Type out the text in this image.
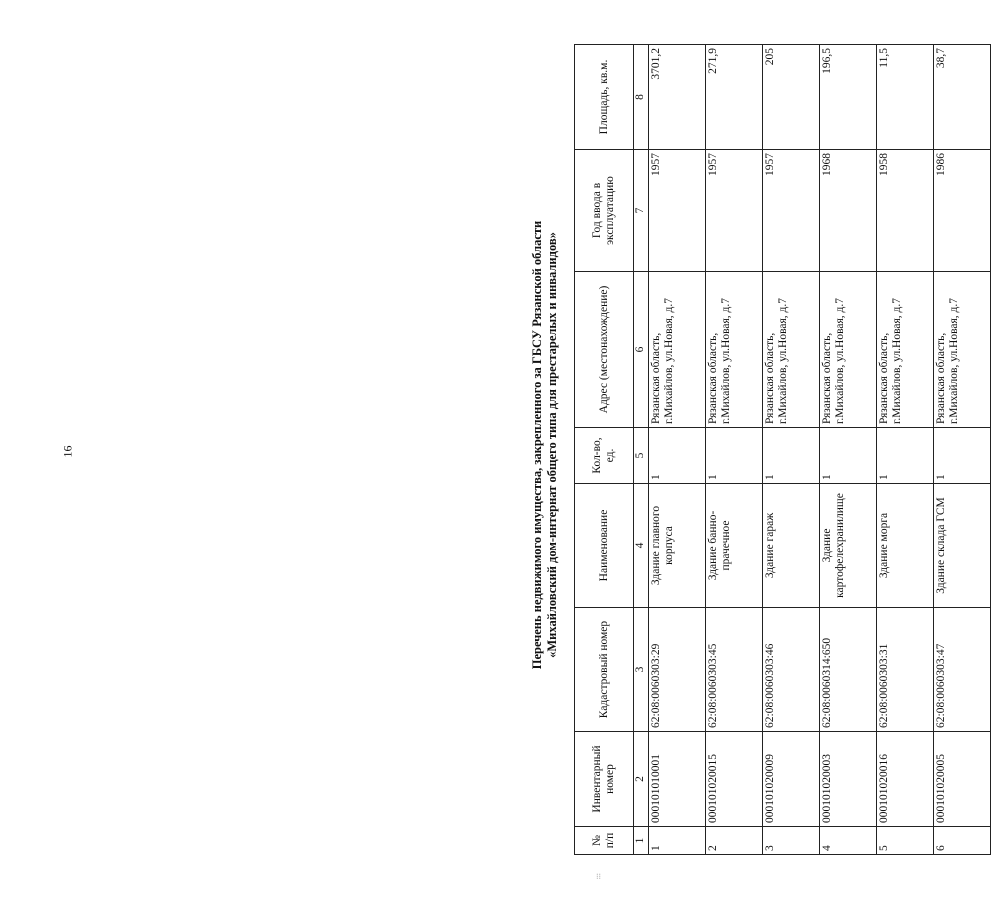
16	Перечень недвижимого имущества, закрепленного за ГБСУ Рязанской области «Михайловский дом-интернат общего типа для престарелых и инвалидов»
№ п/п	Инвентарный номер	Кадастровый номер	Наименование	Кол-во, ед.	Адрес (местонахождение)	Год ввода в эксплуатацию	Площадь, кв.м.
1	2	3	4	5	6	7	8
1	000101010001	62:08:0060303:29	Здание главного корпуса	1	Рязанская область, г.Михайлов, ул.Новая, д.7	1957	3701,2
2	000101020015	62:08:0060303:45	Здание банно-прачечное	1	Рязанская область, г.Михайлов, ул.Новая, д.7	1957	271,9
3	000101020009	62:08:0060303:46	Здание гараж	1	Рязанская область, г.Михайлов, ул.Новая, д.7	1957	205
4	000101020003	62:08:0060314:650	Здание картофелехранилище	1	Рязанская область, г.Михайлов, ул.Новая, д.7	1968	196,5
5	000101020016	62:08:0060303:31	Здание морга	1	Рязанская область, г.Михайлов, ул.Новая, д.7	1958	11,5
6	000101020005	62:08:0060303:47	Здание склада ГСМ	1	Рязанская область, г.Михайлов, ул.Новая, д.7	1986	38,7
⁝⁝
